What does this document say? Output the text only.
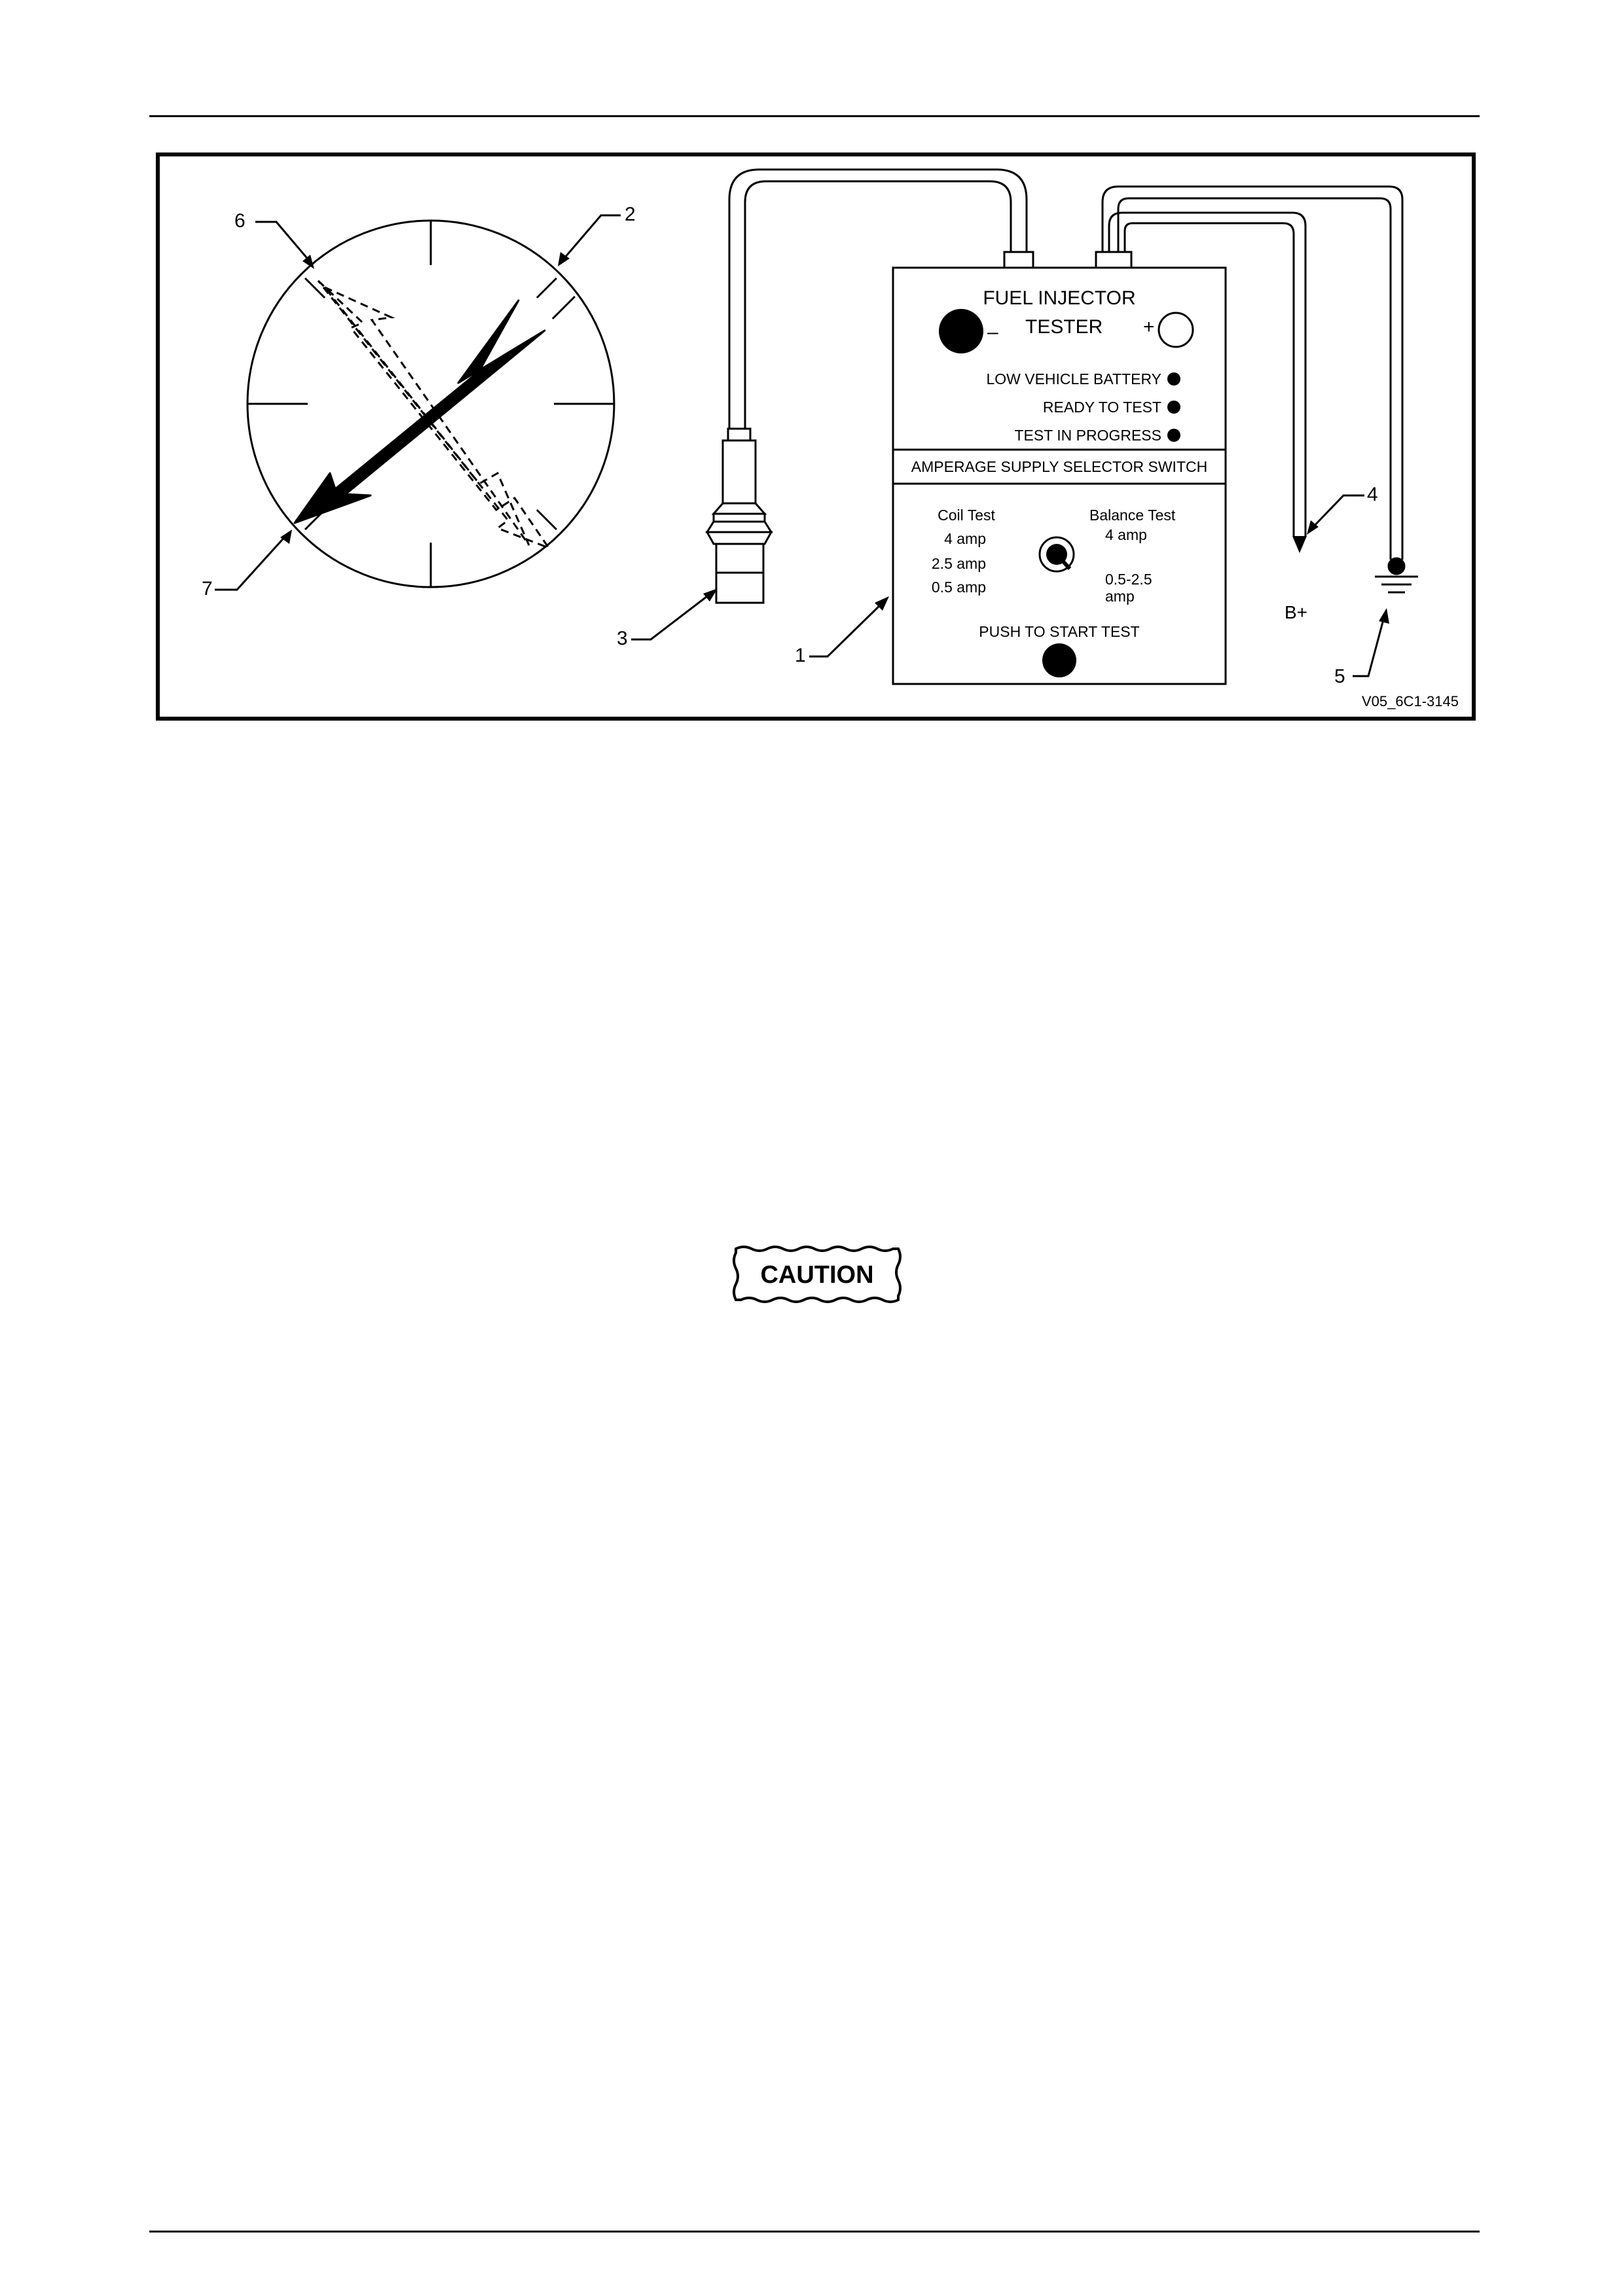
6	2
7
3
B+
4
5
FUEL INJECTOR
– TESTER +
LOW VEHICLE BATTERY
READY TO TEST
TEST IN PROGRESS
AMPERAGE SUPPLY SELECTOR SWITCH
Coil Test
4 amp
2.5 amp
0.5 amp
Balance Test
4 amp
0.5-2.5
amp
PUSH TO START TEST
1
V05_6C1-3145
CAUTION
